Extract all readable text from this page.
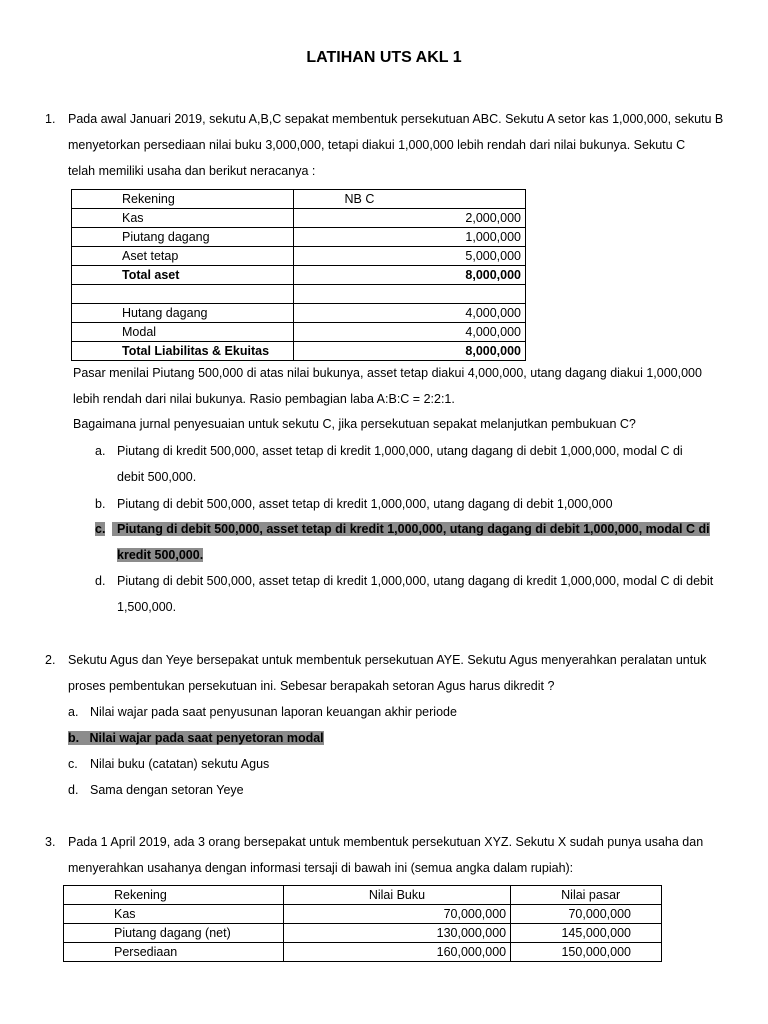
LATIHAN UTS AKL 1
1. Pada awal Januari 2019, sekutu A,B,C sepakat membentuk persekutuan ABC. Sekutu A setor kas 1,000,000, sekutu B
menyetorkan persediaan nilai buku 3,000,000, tetapi diakui 1,000,000 lebih rendah dari nilai bukunya. Sekutu C
telah memiliki usaha dan berikut neracanya :
Rekening	NB C
Kas	2,000,000
Piutang dagang	1,000,000
Aset tetap	5,000,000
Total aset	8,000,000

Hutang dagang	4,000,000
Modal	4,000,000
Total Liabilitas & Ekuitas	8,000,000
Pasar menilai Piutang 500,000 di atas nilai bukunya, asset tetap diakui 4,000,000, utang dagang diakui 1,000,000
lebih rendah dari nilai bukunya. Rasio pembagian laba A:B:C = 2:2:1.
Bagaimana jurnal penyesuaian untuk sekutu C, jika persekutuan sepakat melanjutkan pembukuan C?
a. Piutang di kredit 500,000, asset tetap di kredit 1,000,000, utang dagang di debit 1,000,000, modal C di
debit 500,000.
b. Piutang di debit 500,000, asset tetap di kredit 1,000,000, utang dagang di debit 1,000,000
c. Piutang di debit 500,000, asset tetap di kredit 1,000,000, utang dagang di debit 1,000,000, modal C di
kredit 500,000.
d. Piutang di debit 500,000, asset tetap di kredit 1,000,000, utang dagang di kredit 1,000,000, modal C di debit
1,500,000.
2. Sekutu Agus dan Yeye bersepakat untuk membentuk persekutuan AYE. Sekutu Agus menyerahkan peralatan untuk
proses pembentukan persekutuan ini. Sebesar berapakah setoran Agus harus dikredit ?
a. Nilai wajar pada saat penyusunan laporan keuangan akhir periode
b. Nilai wajar pada saat penyetoran modal
c. Nilai buku (catatan) sekutu Agus
d. Sama dengan setoran Yeye
3. Pada 1 April 2019, ada 3 orang bersepakat untuk membentuk persekutuan XYZ. Sekutu X sudah punya usaha dan
menyerahkan usahanya dengan informasi tersaji di bawah ini (semua angka dalam rupiah):
Rekening	Nilai Buku	Nilai pasar
Kas	70,000,000	70,000,000
Piutang dagang (net)	130,000,000	145,000,000
Persediaan	160,000,000	150,000,000
